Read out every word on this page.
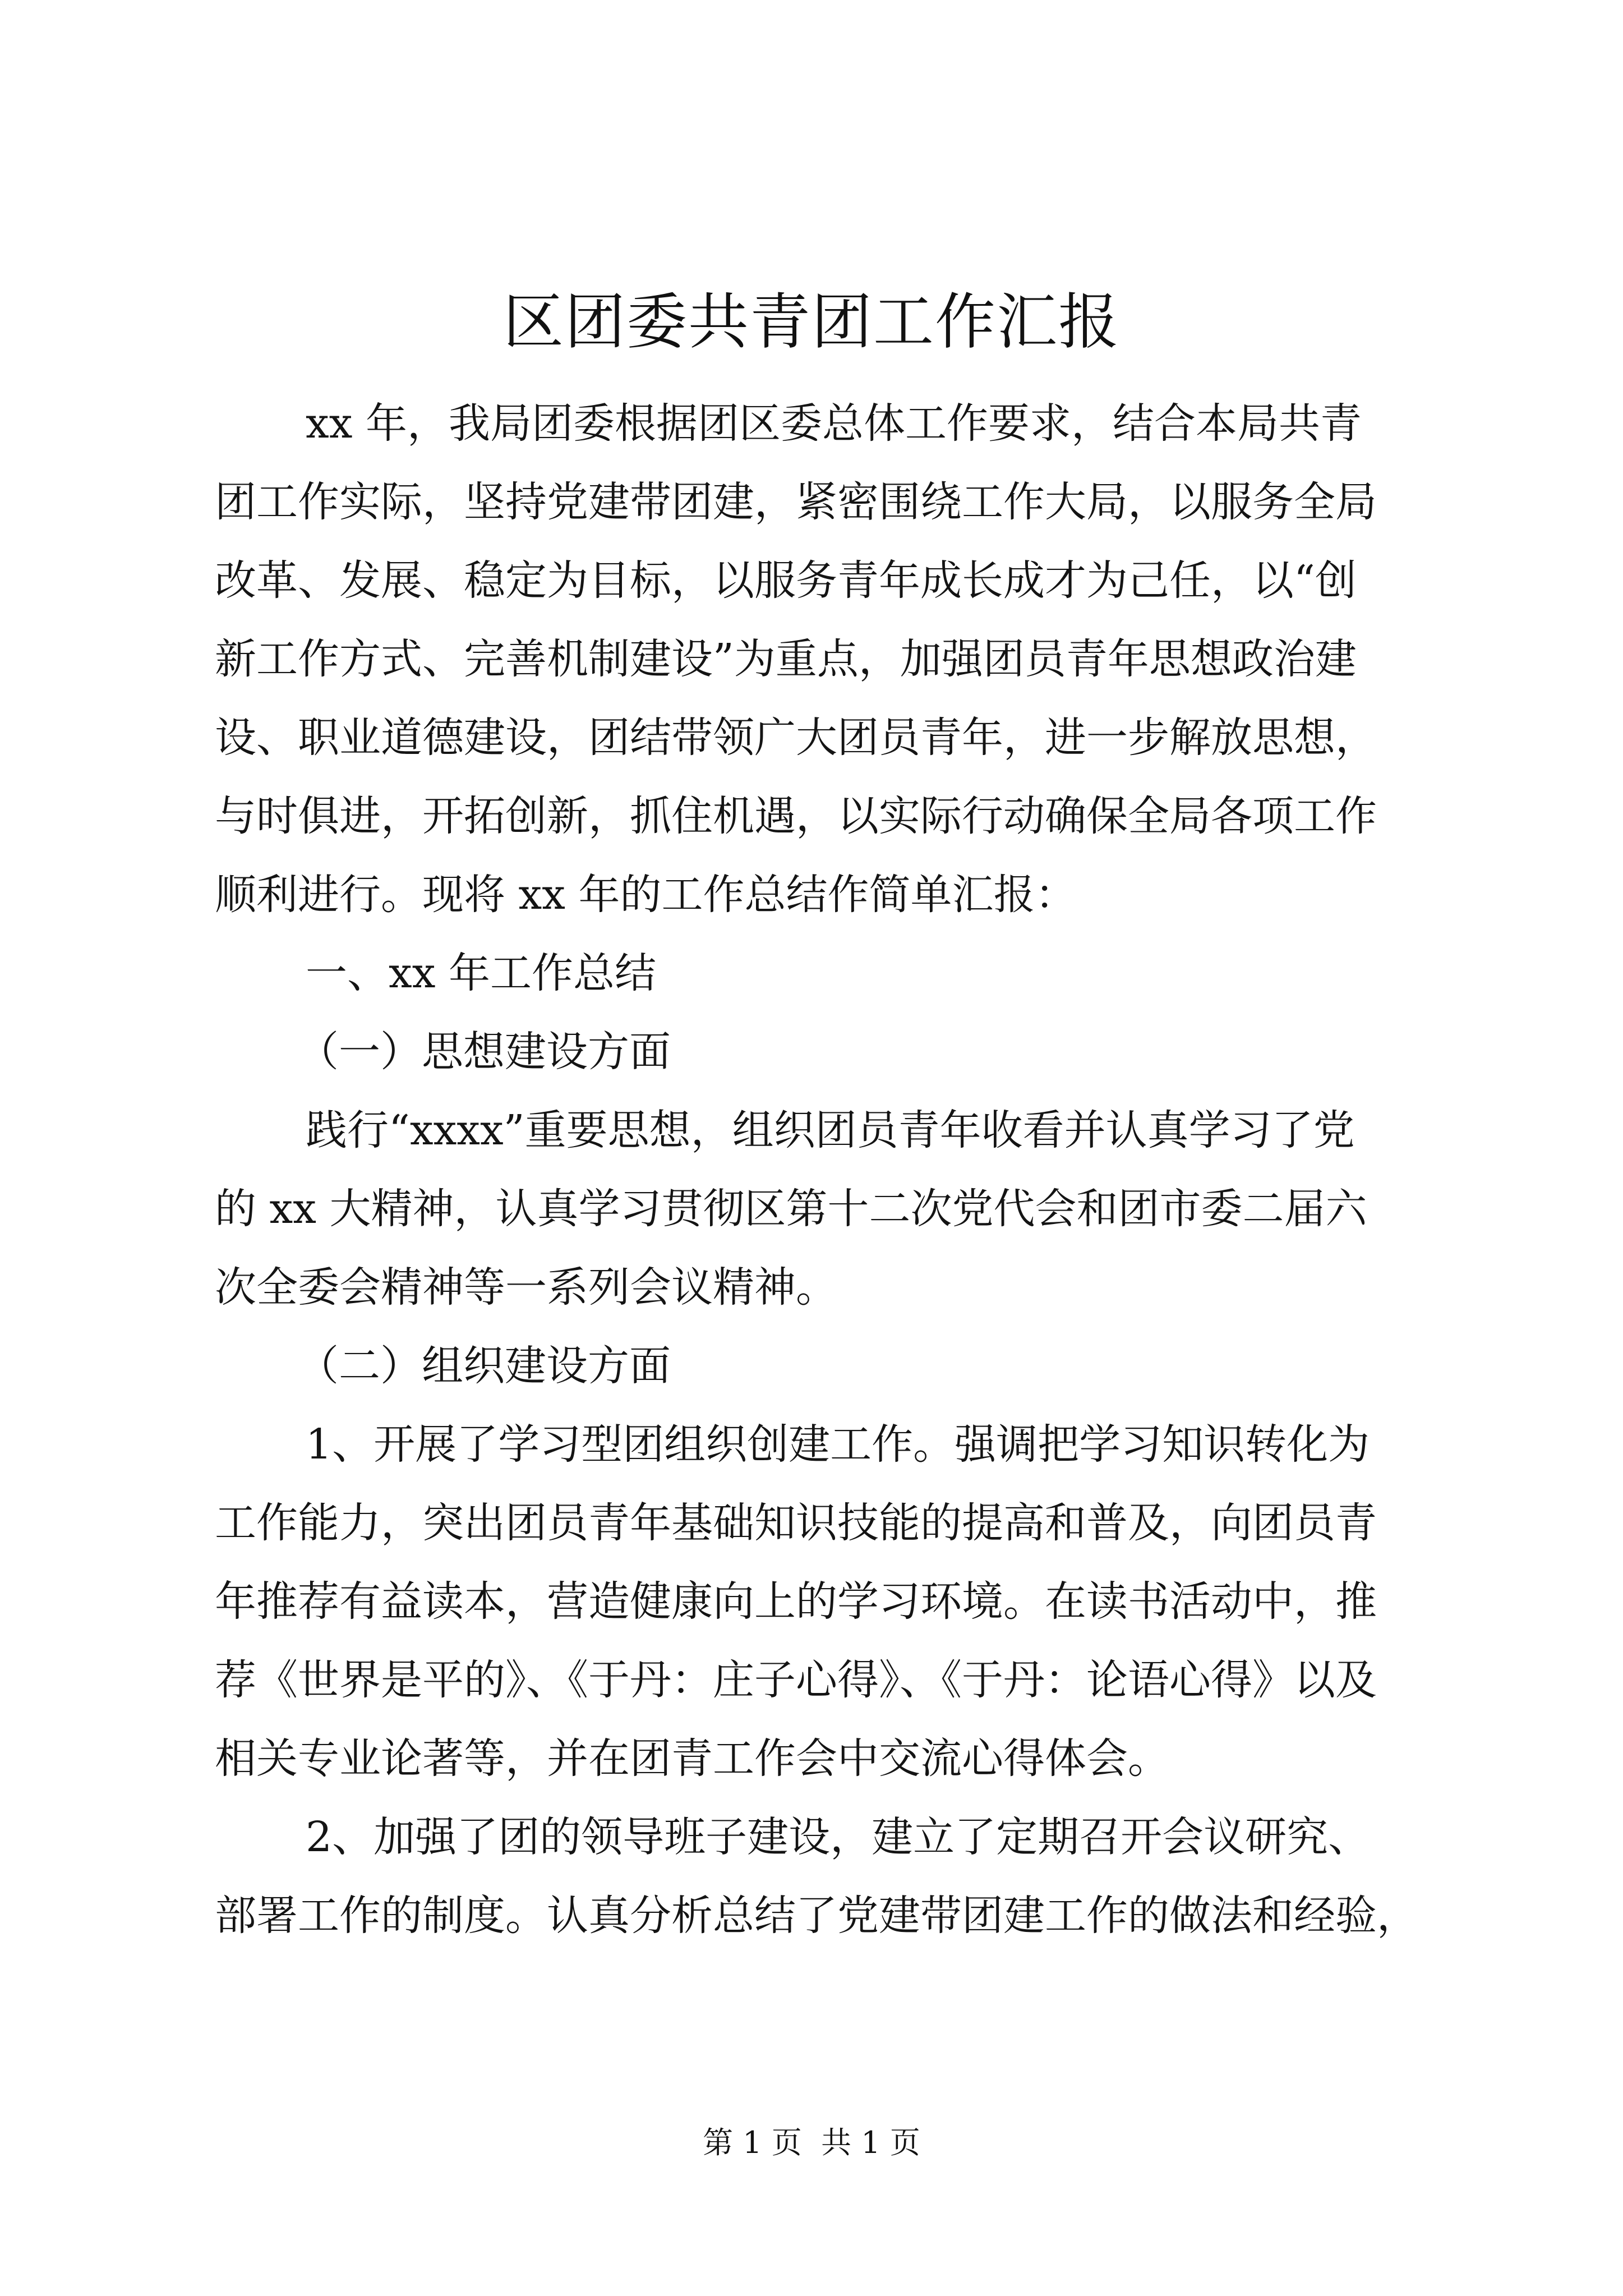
区团委共青团工作汇报
xx 年，我局团委根据团区委总体工作要求，结合本局共青
团工作实际，坚持党建带团建，紧密围绕工作大局，以服务全局
改革、发展、稳定为目标，以服务青年成长成才为己任，以“创
新工作方式、完善机制建设”为重点，加强团员青年思想政治建
设、职业道德建设，团结带领广大团员青年，进一步解放思想，
与时俱进，开拓创新，抓住机遇，以实际行动确保全局各项工作
顺利进行。现将 xx 年的工作总结作简单汇报：
一、xx 年工作总结
（一）思想建设方面
践行“xxxx”重要思想，组织团员青年收看并认真学习了党
的 xx 大精神，认真学习贯彻区第十二次党代会和团市委二届六
次全委会精神等一系列会议精神。
（二）组织建设方面
1、开展了学习型团组织创建工作。强调把学习知识转化为
工作能力，突出团员青年基础知识技能的提高和普及，向团员青
年推荐有益读本，营造健康向上的学习环境。在读书活动中，推
荐《世界是平的》、《于丹：庄子心得》、《于丹：论语心得》以及
相关专业论著等，并在团青工作会中交流心得体会。
2、加强了团的领导班子建设，建立了定期召开会议研究、
部署工作的制度。认真分析总结了党建带团建工作的做法和经验，
第 1 页  共 1 页
